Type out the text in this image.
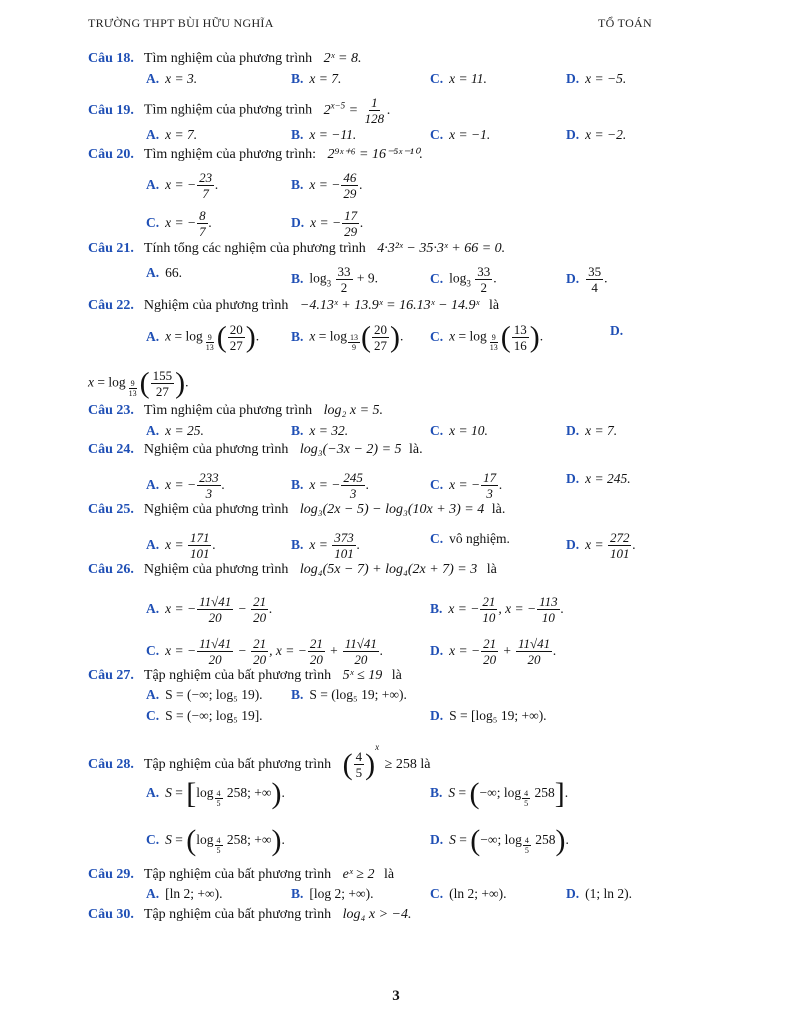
TRƯỜNG THPT BÙI HỮU NGHĨA	TỔ TOÁN
Câu 18. Tìm nghiệm của phương trình 2ˣ = 8.
A. x = 3.	B. x = 7.	C. x = 11.	D. x = −5.
Câu 19. Tìm nghiệm của phương trình $2^{x-5} = \frac{1}{128}$ .
A. x = 7.	B. x = −11.	C. x = −1.	D. x = −2.
Câu 20. Tìm nghiệm của phương trình: 2⁹ˣ⁺⁶ = 16⁻⁵ˣ⁻¹⁰.
A. x = − $\frac{23}{7}$ .	B. x = − $\frac{46}{29}$ .
C. x = − $\frac{8}{7}$ .	D. x = − $\frac{17}{29}$ .
Câu 21. Tính tổng các nghiệm của phương trình 4·3²ˣ − 35·3ˣ + 66 = 0.
A. 66.	B. $\log_3 \frac{33}{2} + 9$.	C. $\log_3 \frac{33}{2}$ .	D. $\frac{35}{4}$ .
Câu 22. Nghiệm của phương trình −4.13ˣ + 13.9ˣ = 16.13ˣ − 14.9ˣ là
A. x = log $_{\frac{9}{13}}$ ( $\frac{20}{27}$ ). B. x = log $_{\frac{13}{9}}$ ( $\frac{20}{27}$ ). C. x = log $_{\frac{9}{13}}$ ( $\frac{13}{16}$ ).	D.
x = log $_{\frac{9}{13}}$ ( $\frac{155}{27}$ ).
Câu 23. Tìm nghiệm của phương trình log₂ x = 5.
A. x = 25.	B. x = 32.	C. x = 10.	D. x = 7.
Câu 24. Nghiệm của phương trình log₃(−3x − 2) = 5 là.
A. x = − $\frac{233}{3}$ .	B. x = − $\frac{245}{3}$ .	C. x = − $\frac{17}{3}$ .	D. x = 245.
Câu 25. Nghiệm của phương trình log₃(2x − 5) − log₃(10x + 3) = 4 là.
A. $x = \frac{171}{101}$ .	B. $x = \frac{373}{101}$ .	C. vô nghiệm.	D. $x = \frac{272}{101}$ .
Câu 26. Nghiệm của phương trình log₄(5x − 7) + log₄(2x + 7) = 3 là
A. x = − $\frac{11√41}{20} - \frac{21}{20}$ .	B. x = − $\frac{21}{10}$ , x = − $\frac{113}{10}$ .
C. x = − $\frac{11√41}{20} - \frac{21}{20}$ , x = − $\frac{21}{20} + \frac{11√41}{20}$ .	D. x = − $\frac{21}{20} + \frac{11√41}{20}$ .
Câu 27. Tập nghiệm của bất phương trình 5ˣ ≤ 19 là
A. S = (−∞; log₅ 19). B. S = (log₅ 19; +∞).
C. S = (−∞; log₅ 19].	D. S = [log₅ 19; +∞).
Câu 28. Tập nghiệm của bất phương trình ( $\frac{4}{5} )^x \ge 258$ là
A. S = [log $_{\frac{4}{5}}$ 258; +∞).	B. S = (−∞; log $_{\frac{4}{5}}$ 258].
C. S = (log $_{\frac{4}{5}}$ 258; +∞).	D. S = (−∞; log $_{\frac{4}{5}}$ 258).
Câu 29. Tập nghiệm của bất phương trình eˣ ≥ 2 là
A. [ln 2; +∞).	B. [log 2; +∞).	C. (ln 2; +∞).	D. (1; ln 2).
Câu 30. Tập nghiệm của bất phương trình log₄ x > −4.
3
